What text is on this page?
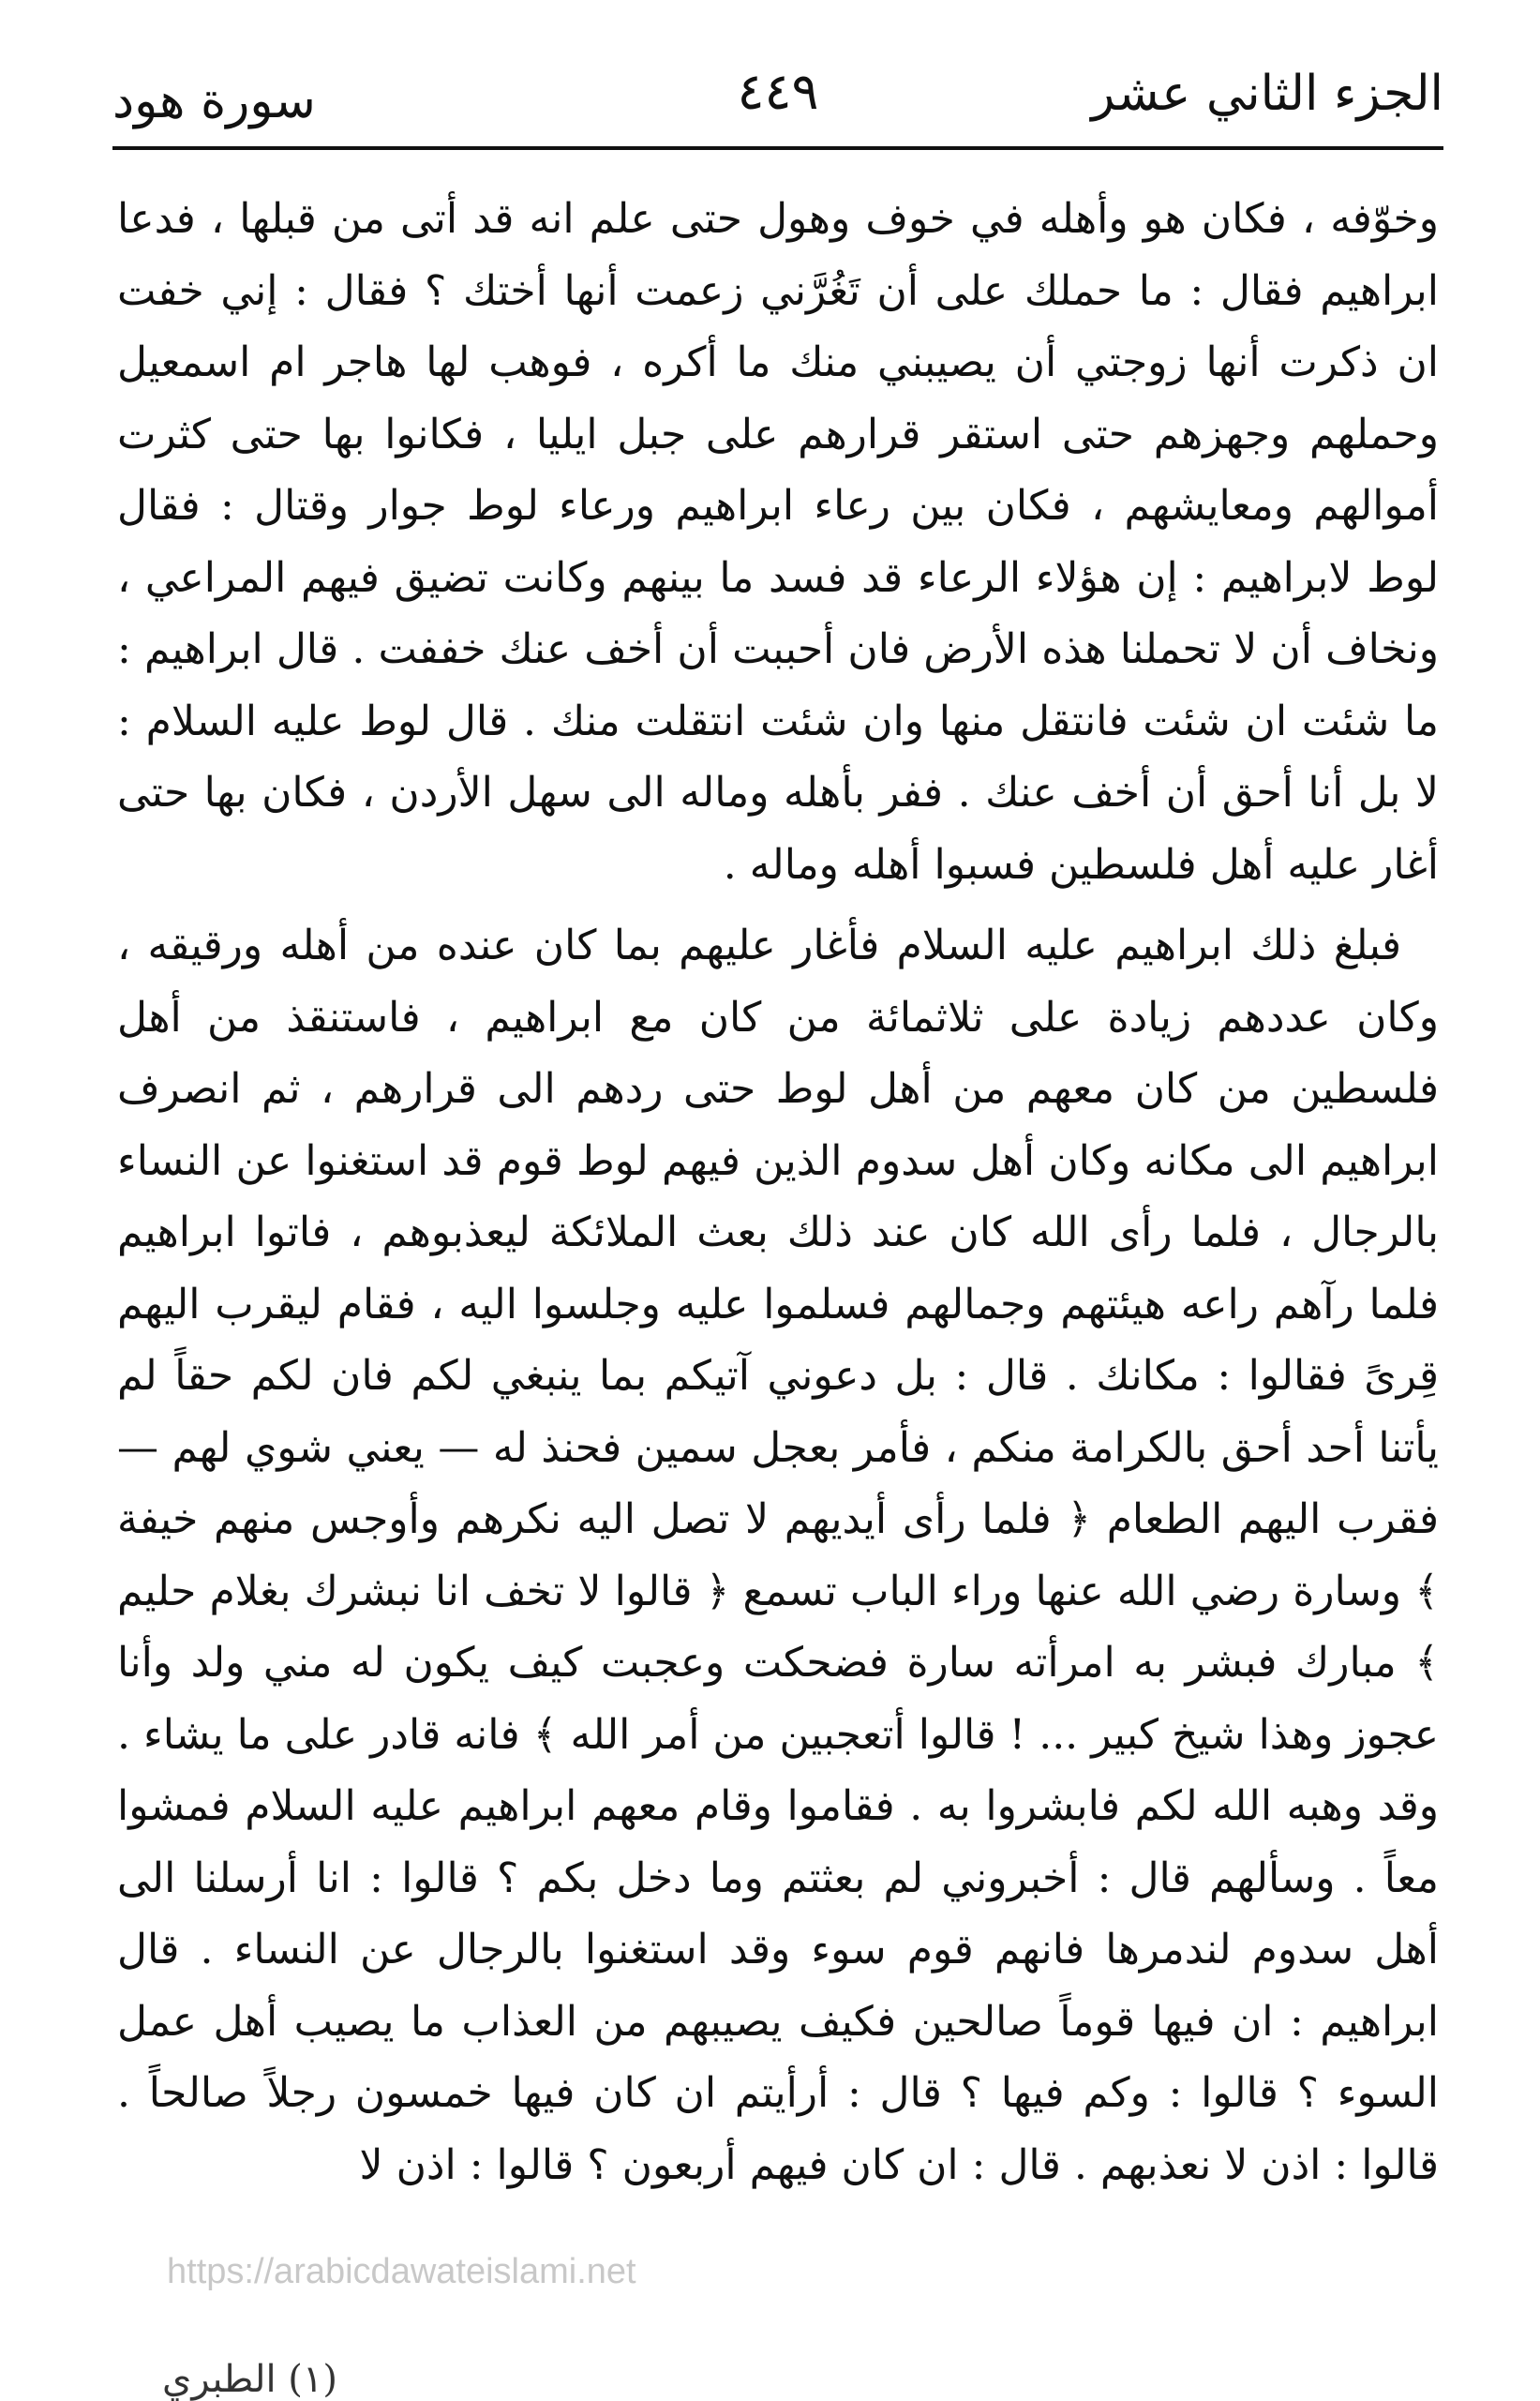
الجزء الثاني عشر
٤٤٩
سورة هود

وخوّفه ، فكان هو وأهله في خوف وهول حتى علم انه قد أتى من قبلها ، فدعا ابراهيم فقال : ما حملك على أن تَغُرَّني زعمت أنها أختك ؟ فقال : إني خفت ان ذكرت أنها زوجتي أن يصيبني منك ما أكره ، فوهب لها هاجر ام اسمعيل وحملهم وجهزهم حتى استقر قرارهم على جبل ايليا ، فكانوا بها حتى كثرت أموالهم ومعايشهم ، فكان بين رعاء ابراهيم ورعاء لوط جوار وقتال : فقال لوط لابراهيم : إن هؤلاء الرعاء قد فسد ما بينهم وكانت تضيق فيهم المراعي ، ونخاف أن لا تحملنا هذه الأرض فان أحببت أن أخف عنك خففت . قال ابراهيم : ما شئت ان شئت فانتقل منها وان شئت انتقلت منك . قال لوط عليه السلام : لا بل أنا أحق أن أخف عنك . ففر بأهله وماله الى سهل الأردن ، فكان بها حتى أغار عليه أهل فلسطين فسبوا أهله وماله .

فبلغ ذلك ابراهيم عليه السلام فأغار عليهم بما كان عنده من أهله ورقيقه ، وكان عددهم زيادة على ثلاثمائة من كان مع ابراهيم ، فاستنقذ من أهل فلسطين من كان معهم من أهل لوط حتى ردهم الى قرارهم ، ثم انصرف ابراهيم الى مكانه وكان أهل سدوم الذين فيهم لوط قوم قد استغنوا عن النساء بالرجال ، فلما رأى الله كان عند ذلك بعث الملائكة ليعذبوهم ، فاتوا ابراهيم فلما رآهم راعه هيئتهم وجمالهم فسلموا عليه وجلسوا اليه ، فقام ليقرب اليهم قِرىً فقالوا : مكانك . قال : بل دعوني آتيكم بما ينبغي لكم فان لكم حقاً لم يأتنا أحد أحق بالكرامة منكم ، فأمر بعجل سمين فحنذ له — يعني شوي لهم — فقرب اليهم الطعام ﴿ فلما رأى أيديهم لا تصل اليه نكرهم وأوجس منهم خيفة ﴾ وسارة رضي الله عنها وراء الباب تسمع ﴿ قالوا لا تخف انا نبشرك بغلام حليم ﴾ مبارك فبشر به امرأته سارة فضحكت وعجبت كيف يكون له مني ولد وأنا عجوز وهذا شيخ كبير ... ! قالوا أتعجبين من أمر الله ﴾ فانه قادر على ما يشاء . وقد وهبه الله لكم فابشروا به . فقاموا وقام معهم ابراهيم عليه السلام فمشوا معاً . وسألهم قال : أخبروني لم بعثتم وما دخل بكم ؟ قالوا : انا أرسلنا الى أهل سدوم لندمرها فانهم قوم سوء وقد استغنوا بالرجال عن النساء . قال ابراهيم : ان فيها قوماً صالحين فكيف يصيبهم من العذاب ما يصيب أهل عمل السوء ؟ قالوا : وكم فيها ؟ قال : أرأيتم ان كان فيها خمسون رجلاً صالحاً . قالوا : اذن لا نعذبهم . قال : ان كان فيهم أربعون ؟ قالوا : اذن لا

https://arabicdawateislami.net
(١) الطبري
